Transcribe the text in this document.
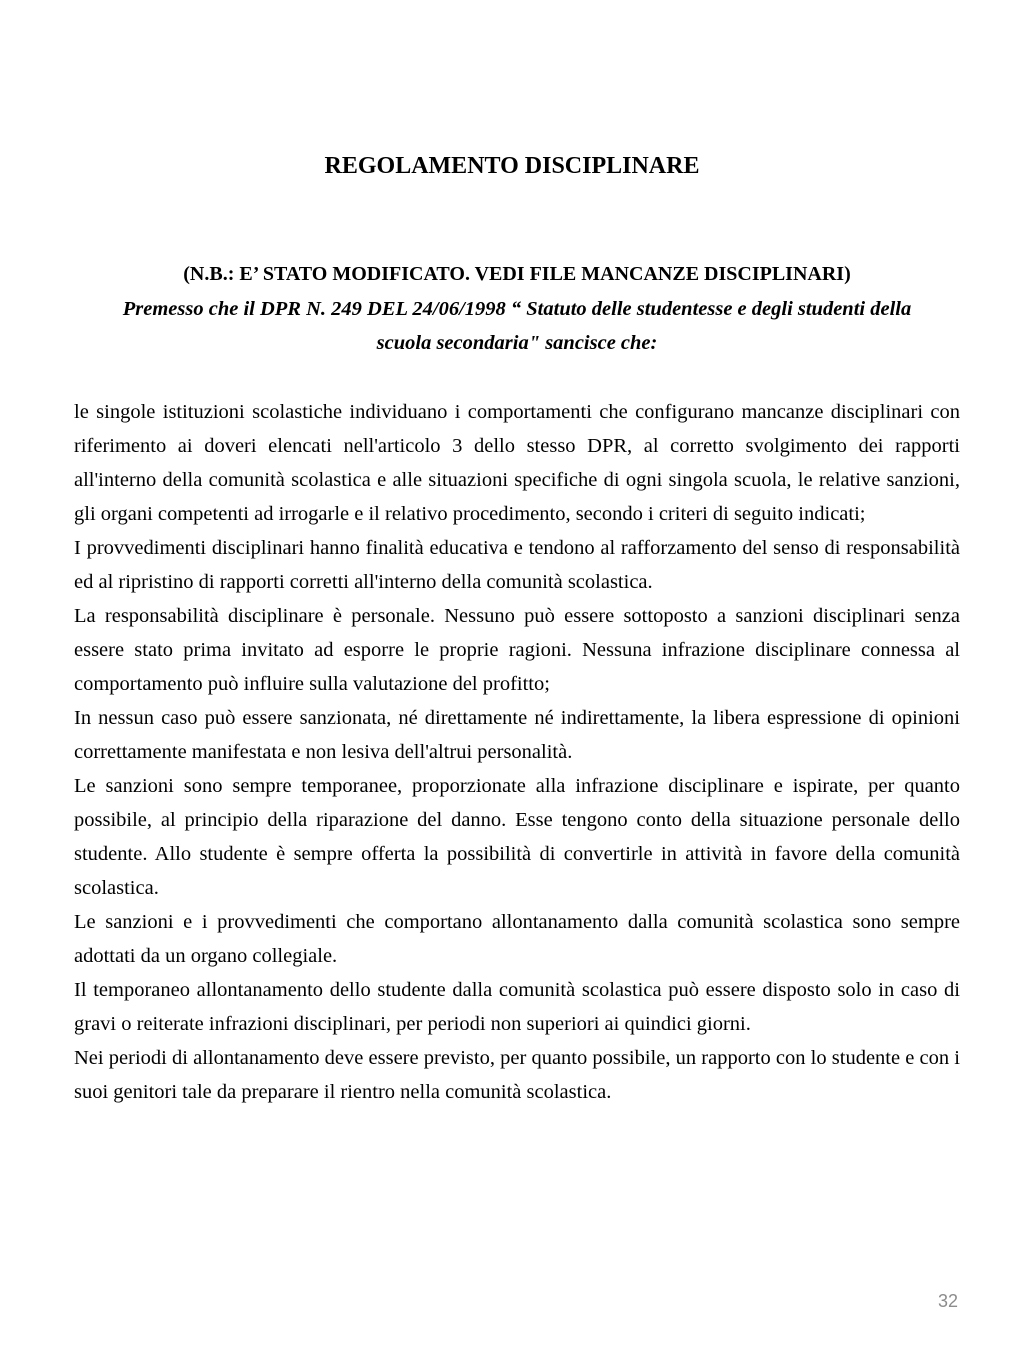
REGOLAMENTO DISCIPLINARE
(N.B.: E’ STATO MODIFICATO. VEDI FILE MANCANZE DISCIPLINARI)
Premesso che il DPR N. 249 DEL 24/06/1998 “ Statuto delle studentesse e degli studenti della scuola secondaria" sancisce che:

le singole istituzioni scolastiche individuano i comportamenti che configurano mancanze disciplinari con riferimento ai doveri elencati nell'articolo 3 dello stesso DPR, al corretto svolgimento dei rapporti all'interno della comunità scolastica e alle situazioni specifiche di ogni singola scuola, le relative sanzioni, gli organi competenti ad irrogarle e il relativo procedimento, secondo i criteri di seguito indicati;

I provvedimenti disciplinari hanno finalità educativa e tendono al rafforzamento del senso di responsabilità ed al ripristino di rapporti corretti all'interno della comunità scolastica.

La responsabilità disciplinare è personale. Nessuno può essere sottoposto a sanzioni disciplinari senza essere stato prima invitato ad esporre le proprie ragioni. Nessuna infrazione disciplinare connessa al comportamento può influire sulla valutazione del profitto;

In nessun caso può essere sanzionata, né direttamente né indirettamente, la libera espressione di opinioni correttamente manifestata e non lesiva dell'altrui personalità.

Le sanzioni sono sempre temporanee, proporzionate alla infrazione disciplinare e ispirate, per quanto possibile, al principio della riparazione del danno. Esse tengono conto della situazione personale dello studente. Allo studente è sempre offerta la possibilità di convertirle in attività in favore della comunità scolastica.

Le sanzioni e i provvedimenti che comportano allontanamento dalla comunità scolastica sono sempre adottati da un organo collegiale.

Il temporaneo allontanamento dello studente dalla comunità scolastica può essere disposto solo in caso di gravi o reiterate infrazioni disciplinari, per periodi non superiori ai quindici giorni.

Nei periodi di allontanamento deve essere previsto, per quanto possibile, un rapporto con lo studente e con i suoi genitori tale da preparare il rientro nella comunità scolastica.

32
